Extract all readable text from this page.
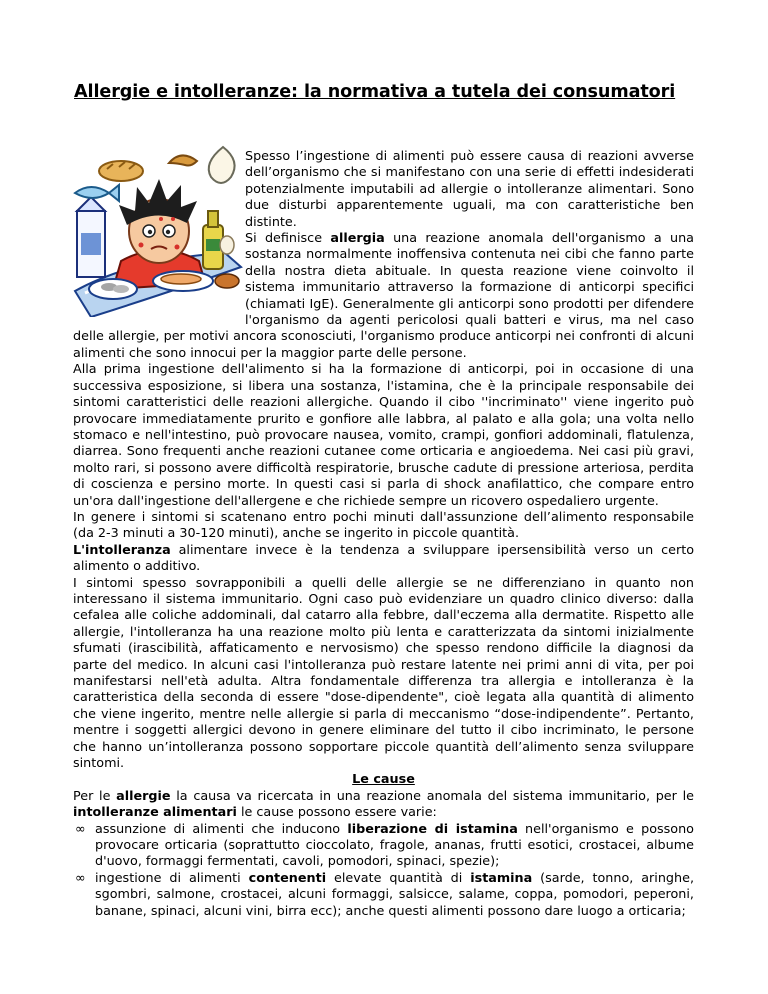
Allergie e intolleranze: la normativa a tutela dei consumatori

Spesso l’ingestione di alimenti può essere causa di reazioni avverse dell’organismo che si manifestano con una serie di effetti indesiderati potenzialmente imputabili ad allergie o intolleranze alimentari. Sono due disturbi apparentemente uguali, ma con caratteristiche ben distinte.

Si definisce allergia una reazione anomala dell'organismo a una sostanza normalmente inoffensiva contenuta nei cibi che fanno parte della nostra dieta abituale. In questa reazione viene coinvolto il sistema immunitario attraverso la formazione di anticorpi specifici (chiamati IgE). Generalmente gli anticorpi sono prodotti per difendere l'organismo da agenti pericolosi quali batteri e virus, ma nel caso delle allergie, per motivi ancora sconosciuti, l'organismo produce anticorpi nei confronti di alcuni alimenti che sono innocui per la maggior parte delle persone.

Alla prima ingestione dell'alimento si ha la formazione di anticorpi, poi in occasione di una successiva esposizione, si libera una sostanza, l'istamina, che è la principale responsabile dei sintomi caratteristici delle reazioni allergiche. Quando il cibo ''incriminato'' viene ingerito può provocare immediatamente prurito e gonfiore alle labbra, al palato e alla gola; una volta nello stomaco e nell'intestino, può provocare nausea, vomito, crampi, gonfiori addominali, flatulenza, diarrea. Sono frequenti anche reazioni cutanee come orticaria e angioedema. Nei casi più gravi, molto rari, si possono avere difficoltà respiratorie, brusche cadute di pressione arteriosa, perdita di coscienza e persino morte. In questi casi si parla di shock anafilattico, che compare entro un'ora dall'ingestione dell'allergene e che richiede sempre un ricovero ospedaliero urgente.

In genere i sintomi si scatenano entro pochi minuti dall'assunzione dell’alimento responsabile (da 2-3 minuti a 30-120 minuti), anche se ingerito in piccole quantità.

L'intolleranza alimentare invece è la tendenza a sviluppare ipersensibilità verso un certo alimento o additivo.

I sintomi spesso sovrapponibili a quelli delle allergie se ne differenziano in quanto non interessano il sistema immunitario. Ogni caso può evidenziare un quadro clinico diverso: dalla cefalea alle coliche addominali, dal catarro alla febbre, dall'eczema alla dermatite. Rispetto alle allergie, l'intolleranza ha una reazione molto più lenta e caratterizzata da sintomi inizialmente sfumati (irascibilità, affaticamento e nervosismo) che spesso rendono difficile la diagnosi da parte del medico. In alcuni casi l'intolleranza può restare latente nei primi anni di vita, per poi manifestarsi nell'età adulta. Altra fondamentale differenza tra allergia e intolleranza è la caratteristica della seconda di essere "dose-dipendente", cioè legata alla quantità di alimento che viene ingerito, mentre nelle allergie si parla di meccanismo “dose-indipendente”. Pertanto, mentre i soggetti allergici devono in genere eliminare del tutto il cibo incriminato, le persone che hanno un’intolleranza possono sopportare piccole quantità dell’alimento senza sviluppare sintomi.

Le cause

Per le allergie la causa va ricercata in una reazione anomala del sistema immunitario, per le intolleranze alimentari le cause possono essere varie:

∞ assunzione di alimenti che inducono liberazione di istamina nell'organismo e possono provocare orticaria (soprattutto cioccolato, fragole, ananas, frutti esotici, crostacei, albume d'uovo, formaggi fermentati, cavoli, pomodori, spinaci, spezie);
∞ ingestione di alimenti contenenti elevate quantità di istamina (sarde, tonno, aringhe, sgombri, salmone, crostacei, alcuni formaggi, salsicce, salame, coppa, pomodori, peperoni, banane, spinaci, alcuni vini, birra ecc); anche questi alimenti possono dare luogo a orticaria;
